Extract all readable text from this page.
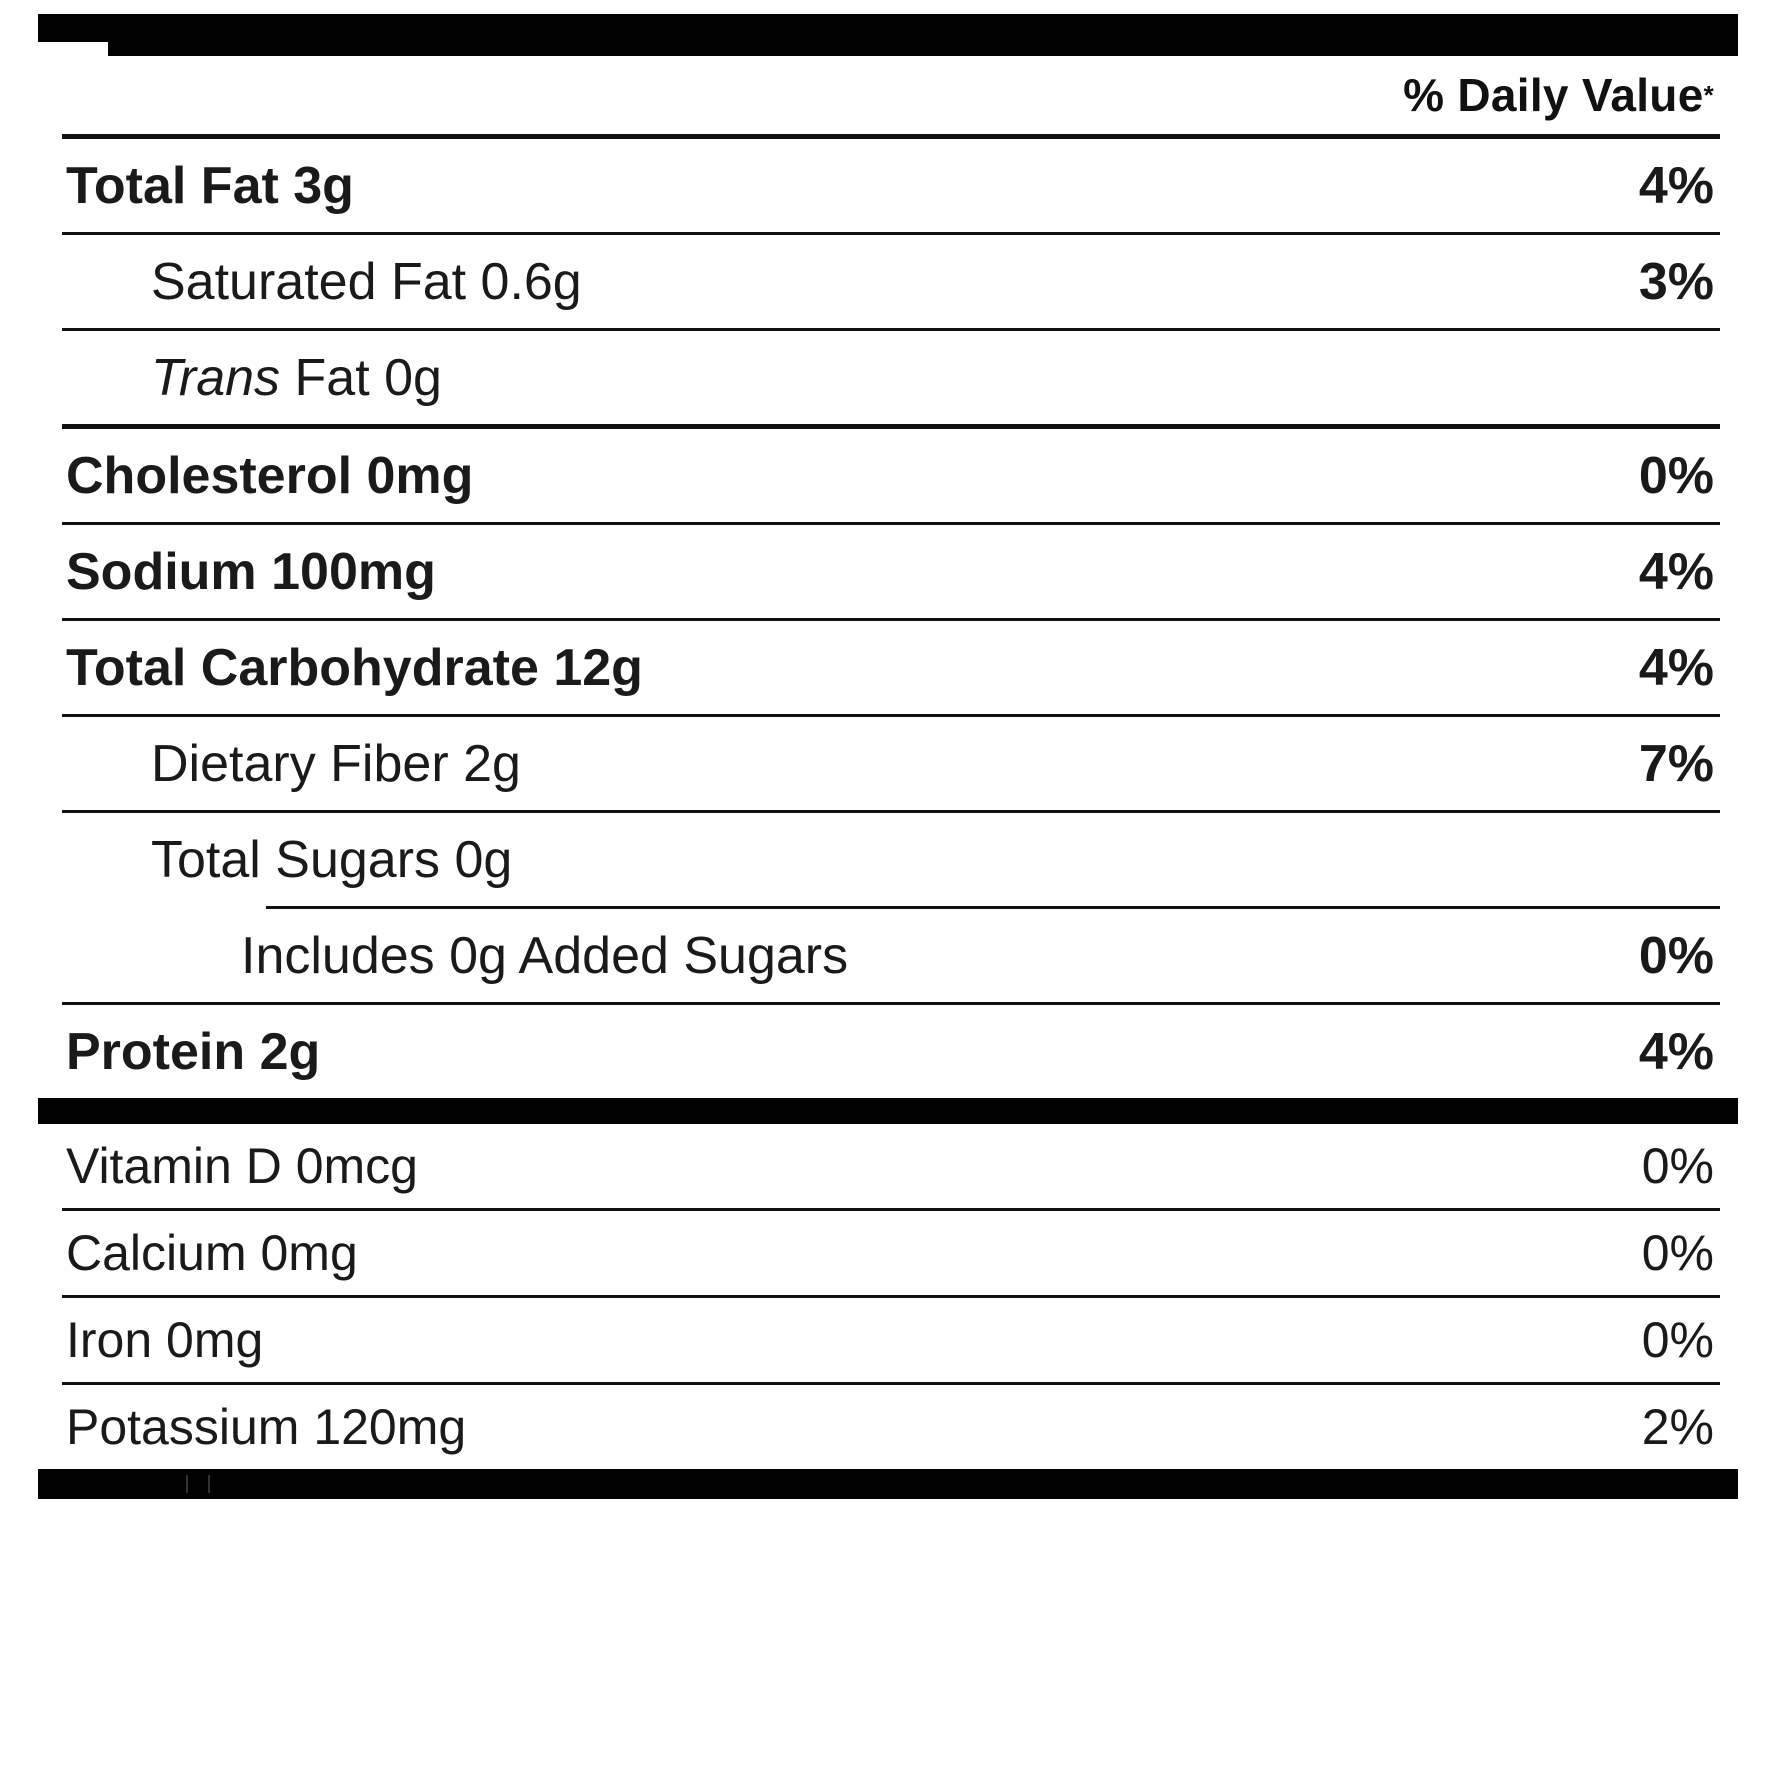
% Daily Value *
Total Fat 3g	4%
Saturated Fat 0.6g	3%
Trans Fat 0g
Cholesterol 0mg	0%
Sodium 100mg	4%
Total Carbohydrate 12g	4%
Dietary Fiber 2g	7%
Total Sugars 0g
Includes 0g Added Sugars	0%
Protein 2g	4%
Vitamin D 0mcg	0%
Calcium 0mg	0%
Iron 0mg	0%
Potassium 120mg	2%
